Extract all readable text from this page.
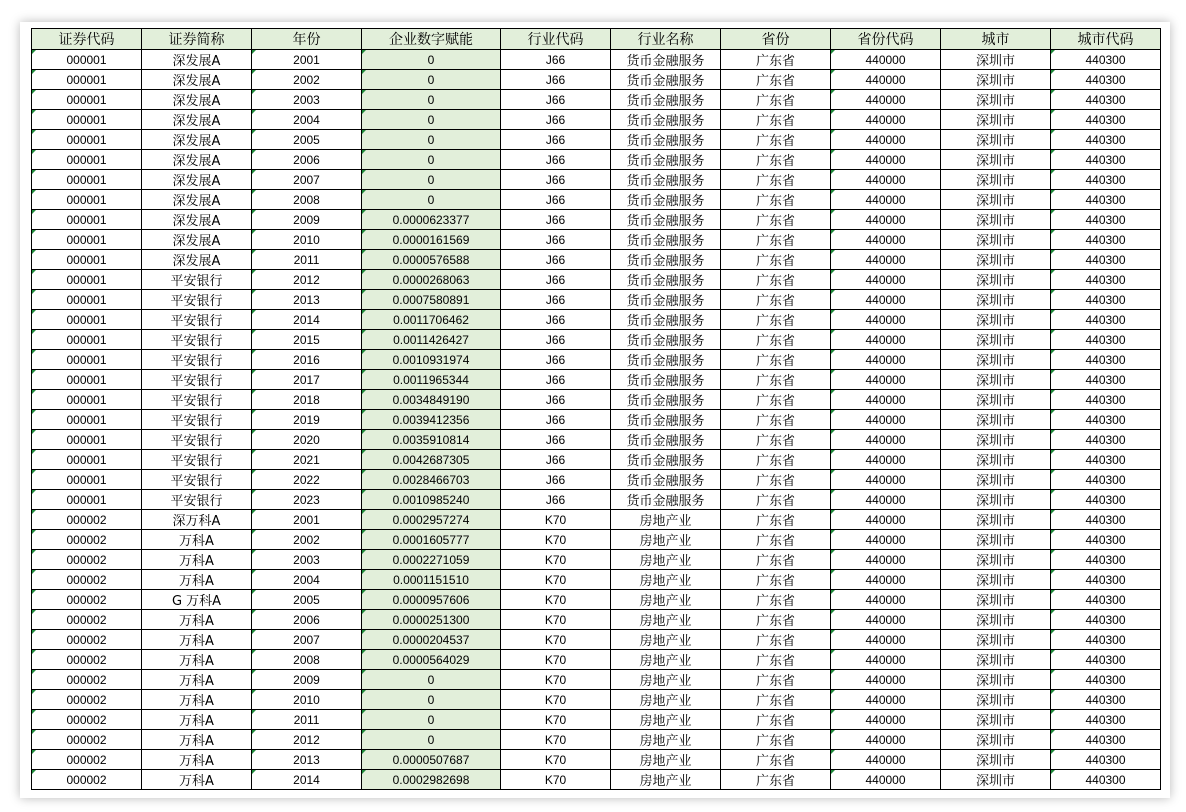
证券代码	证券简称	年份	企业数字赋能	行业代码	行业名称	省份	省份代码	城市	城市代码
000001	深发展A	2001	0	J66	货币金融服务	广东省	440000	深圳市	440300
000001	深发展A	2002	0	J66	货币金融服务	广东省	440000	深圳市	440300
000001	深发展A	2003	0	J66	货币金融服务	广东省	440000	深圳市	440300
000001	深发展A	2004	0	J66	货币金融服务	广东省	440000	深圳市	440300
000001	深发展A	2005	0	J66	货币金融服务	广东省	440000	深圳市	440300
000001	深发展A	2006	0	J66	货币金融服务	广东省	440000	深圳市	440300
000001	深发展A	2007	0	J66	货币金融服务	广东省	440000	深圳市	440300
000001	深发展A	2008	0	J66	货币金融服务	广东省	440000	深圳市	440300
000001	深发展A	2009	0.0000623377	J66	货币金融服务	广东省	440000	深圳市	440300
000001	深发展A	2010	0.0000161569	J66	货币金融服务	广东省	440000	深圳市	440300
000001	深发展A	2011	0.0000576588	J66	货币金融服务	广东省	440000	深圳市	440300
000001	平安银行	2012	0.0000268063	J66	货币金融服务	广东省	440000	深圳市	440300
000001	平安银行	2013	0.0007580891	J66	货币金融服务	广东省	440000	深圳市	440300
000001	平安银行	2014	0.0011706462	J66	货币金融服务	广东省	440000	深圳市	440300
000001	平安银行	2015	0.0011426427	J66	货币金融服务	广东省	440000	深圳市	440300
000001	平安银行	2016	0.0010931974	J66	货币金融服务	广东省	440000	深圳市	440300
000001	平安银行	2017	0.0011965344	J66	货币金融服务	广东省	440000	深圳市	440300
000001	平安银行	2018	0.0034849190	J66	货币金融服务	广东省	440000	深圳市	440300
000001	平安银行	2019	0.0039412356	J66	货币金融服务	广东省	440000	深圳市	440300
000001	平安银行	2020	0.0035910814	J66	货币金融服务	广东省	440000	深圳市	440300
000001	平安银行	2021	0.0042687305	J66	货币金融服务	广东省	440000	深圳市	440300
000001	平安银行	2022	0.0028466703	J66	货币金融服务	广东省	440000	深圳市	440300
000001	平安银行	2023	0.0010985240	J66	货币金融服务	广东省	440000	深圳市	440300
000002	深万科A	2001	0.0002957274	K70	房地产业	广东省	440000	深圳市	440300
000002	万科A	2002	0.0001605777	K70	房地产业	广东省	440000	深圳市	440300
000002	万科A	2003	0.0002271059	K70	房地产业	广东省	440000	深圳市	440300
000002	万科A	2004	0.0001151510	K70	房地产业	广东省	440000	深圳市	440300
000002	G 万科A	2005	0.0000957606	K70	房地产业	广东省	440000	深圳市	440300
000002	万科A	2006	0.0000251300	K70	房地产业	广东省	440000	深圳市	440300
000002	万科A	2007	0.0000204537	K70	房地产业	广东省	440000	深圳市	440300
000002	万科A	2008	0.0000564029	K70	房地产业	广东省	440000	深圳市	440300
000002	万科A	2009	0	K70	房地产业	广东省	440000	深圳市	440300
000002	万科A	2010	0	K70	房地产业	广东省	440000	深圳市	440300
000002	万科A	2011	0	K70	房地产业	广东省	440000	深圳市	440300
000002	万科A	2012	0	K70	房地产业	广东省	440000	深圳市	440300
000002	万科A	2013	0.0000507687	K70	房地产业	广东省	440000	深圳市	440300
000002	万科A	2014	0.0002982698	K70	房地产业	广东省	440000	深圳市	440300
